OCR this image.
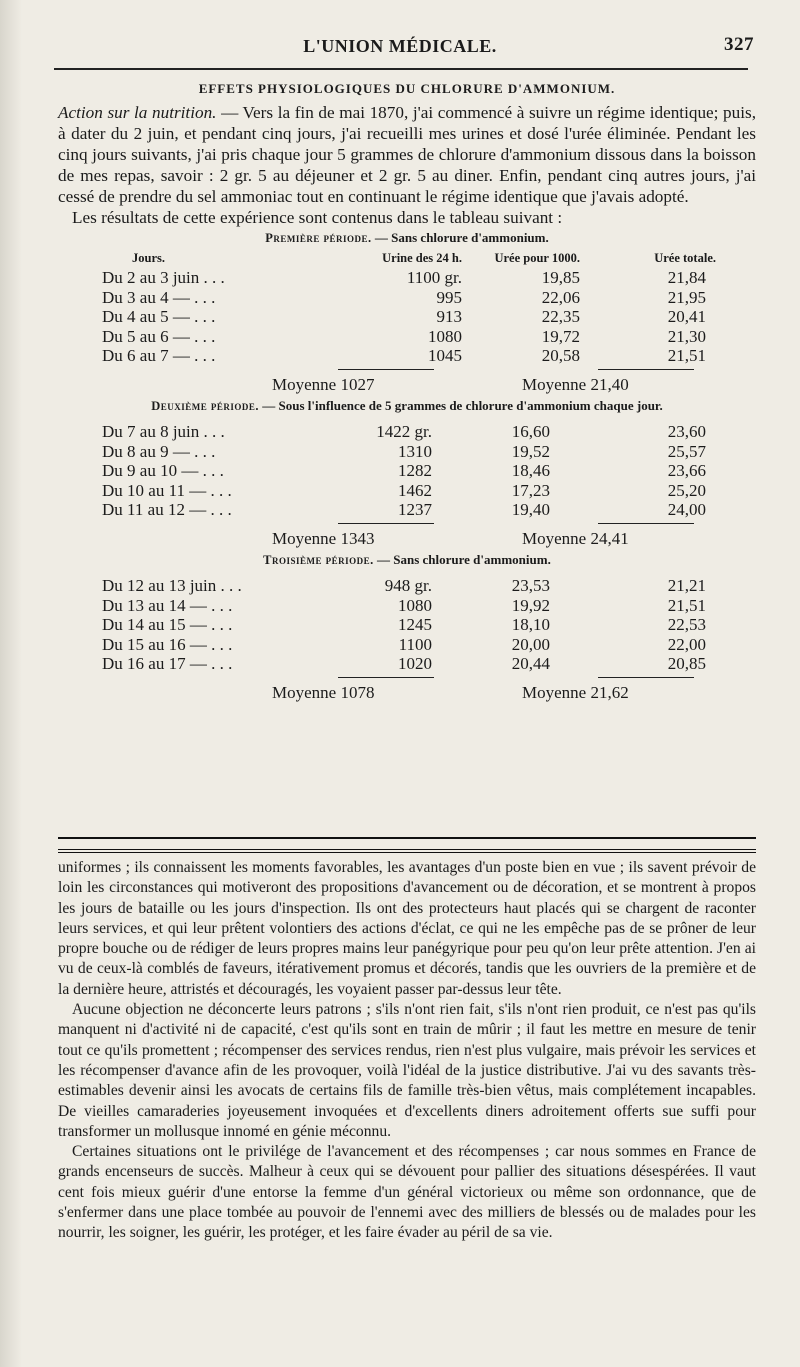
L'UNION MÉDICALE.	327
EFFETS PHYSIOLOGIQUES DU CHLORURE D'AMMONIUM.

Action sur la nutrition. — Vers la fin de mai 1870, j'ai commencé à suivre un régime identique; puis, à dater du 2 juin, et pendant cinq jours, j'ai recueilli mes urines et dosé l'urée éliminée. Pendant les cinq jours suivants, j'ai pris chaque jour 5 grammes de chlorure d'ammonium dissous dans la boisson de mes repas, savoir : 2 gr. 5 au déjeuner et 2 gr. 5 au diner. Enfin, pendant cinq autres jours, j'ai cessé de prendre du sel ammoniac tout en continuant le régime identique que j'avais adopté.

Les résultats de cette expérience sont contenus dans le tableau suivant :

Première période. — Sans chlorure d'ammonium.
Jours.	Urine des 24 h.	Urée pour 1000.	Urée totale.
Du 2 au 3 juin . . .	1100 gr.	19,85	21,84
Du 3 au 4 — . . .	995	22,06	21,95
Du 4 au 5 — . . .	913	22,35	20,41
Du 5 au 6 — . . .	1080	19,72	21,30
Du 6 au 7 — . . .	1045	20,58	21,51
Moyenne 1027	Moyenne 21,40
Deuxième période. — Sous l'influence de 5 grammes de chlorure d'ammonium chaque jour.
Du 7 au 8 juin . . .	1422 gr.	16,60	23,60
Du 8 au 9 — . . .	1310	19,52	25,57
Du 9 au 10 — . . .	1282	18,46	23,66
Du 10 au 11 — . . .	1462	17,23	25,20
Du 11 au 12 — . . .	1237	19,40	24,00
Moyenne 1343	Moyenne 24,41
Troisième période. — Sans chlorure d'ammonium.
Du 12 au 13 juin . . .	948 gr.	23,53	21,21
Du 13 au 14 — . . .	1080	19,92	21,51
Du 14 au 15 — . . .	1245	18,10	22,53
Du 15 au 16 — . . .	1100	20,00	22,00
Du 16 au 17 — . . .	1020	20,44	20,85
Moyenne 1078	Moyenne 21,62

uniformes ; ils connaissent les moments favorables, les avantages d'un poste bien en vue ; ils savent prévoir de loin les circonstances qui motiveront des propositions d'avancement ou de décoration, et se montrent à propos les jours de bataille ou les jours d'inspection. Ils ont des protecteurs haut placés qui se chargent de raconter leurs services, et qui leur prêtent volontiers des actions d'éclat, ce qui ne les empêche pas de se prôner de leur propre bouche ou de rédiger de leurs propres mains leur panégyrique pour peu qu'on leur prête attention. J'en ai vu de ceux-là comblés de faveurs, itérativement promus et décorés, tandis que les ouvriers de la première et de la dernière heure, attristés et découragés, les voyaient passer par-dessus leur tête.

Aucune objection ne déconcerte leurs patrons ; s'ils n'ont rien fait, s'ils n'ont rien produit, ce n'est pas qu'ils manquent ni d'activité ni de capacité, c'est qu'ils sont en train de mûrir ; il faut les mettre en mesure de tenir tout ce qu'ils promettent ; récompenser des services rendus, rien n'est plus vulgaire, mais prévoir les services et les récompenser d'avance afin de les provoquer, voilà l'idéal de la justice distributive. J'ai vu des savants très-estimables devenir ainsi les avocats de certains fils de famille très-bien vêtus, mais complétement incapables. De vieilles camaraderies joyeusement invoquées et d'excellents diners adroitement offerts sue suffi pour transformer un mollusque innomé en génie méconnu.

Certaines situations ont le privilége de l'avancement et des récompenses ; car nous sommes en France de grands encenseurs de succès. Malheur à ceux qui se dévouent pour pallier des situations désespérées. Il vaut cent fois mieux guérir d'une entorse la femme d'un général victorieux ou même son ordonnance, que de s'enfermer dans une place tombée au pouvoir de l'ennemi avec des milliers de blessés ou de malades pour les nourrir, les soigner, les guérir, les protéger, et les faire évader au péril de sa vie.
